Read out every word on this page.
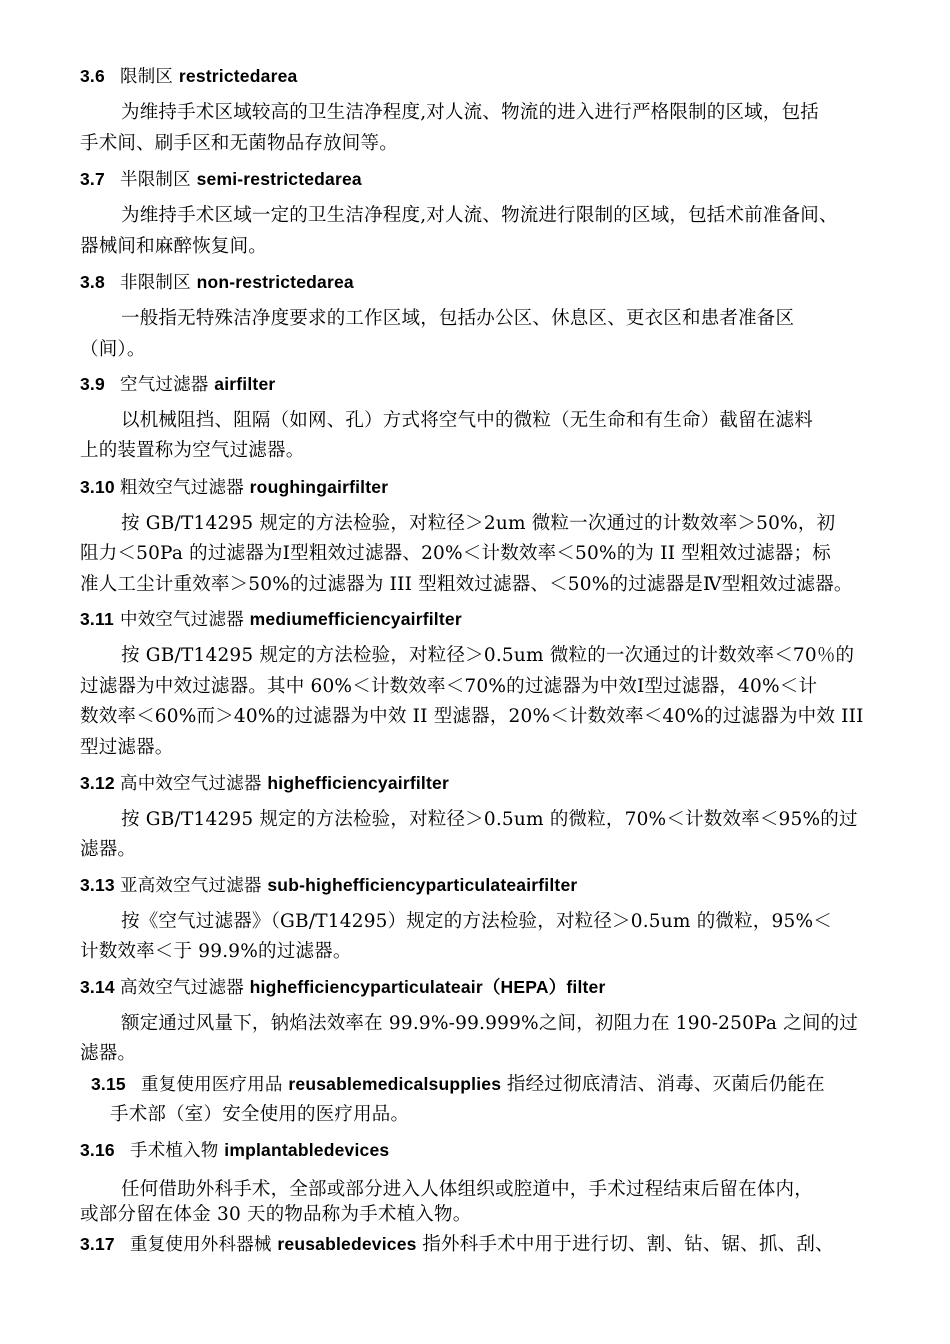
3.6 限制区 restrictedarea
为维持手术区域较高的卫生洁净程度,对人流、物流的进入进行严格限制的区域，包括
手术间、刷手区和无菌物品存放间等。
3.7 半限制区 semi-restrictedarea
为维持手术区域一定的卫生洁净程度,对人流、物流进行限制的区域，包括术前准备间、
器械间和麻醉恢复间。
3.8 非限制区 non-restrictedarea
一般指无特殊洁净度要求的工作区域，包括办公区、休息区、更衣区和患者准备区
（间）。
3.9 空气过滤器 airfilter
以机械阻挡、阻隔（如网、孔）方式将空气中的微粒（无生命和有生命）截留在滤料
上的装置称为空气过滤器。
3.10 粗效空气过滤器 roughingairfilter
按 GB/T14295 规定的方法检验，对粒径＞2um 微粒一次通过的计数效率＞50%，初
阻力＜50Pa 的过滤器为Ⅰ型粗效过滤器、20%＜计数效率＜50%的为 II 型粗效过滤器；标
准人工尘计重效率＞50%的过滤器为 III 型粗效过滤器、＜50%的过滤器是Ⅳ型粗效过滤器。
3.11 中效空气过滤器 mediumefficiencyairfilter
按 GB/T14295 规定的方法检验，对粒径＞0.5um 微粒的一次通过的计数效率＜70％的
过滤器为中效过滤器。其中 60%＜计数效率＜70%的过滤器为中效Ⅰ型过滤器，40%＜计
数效率＜60%而＞40%的过滤器为中效 II 型滤器，20%＜计数效率＜40%的过滤器为中效 III
型过滤器。
3.12 高中效空气过滤器 highefficiencyairfilter
按 GB/T14295 规定的方法检验，对粒径＞0.5um 的微粒，70%＜计数效率＜95%的过
滤器。
3.13 亚高效空气过滤器 sub-highefficiencyparticulateairfilter
按《空气过滤器》（GB/T14295）规定的方法检验，对粒径＞0.5um 的微粒，95%＜
计数效率＜于 99.9%的过滤器。
3.14 高效空气过滤器 highefficiencyparticulateair（HEPA）filter
额定通过风量下，钠焰法效率在 99.9%-99.999%之间，初阻力在 190-250Pa 之间的过
滤器。
3.15 重复使用医疗用品 reusablemedicalsupplies 指经过彻底清洁、消毒、灭菌后仍能在
手术部（室）安全使用的医疗用品。
3.16 手术植入物 implantabledevices
任何借助外科手术，全部或部分进入人体组织或腔道中，手术过程结束后留在体内，
或部分留在体金 30 天的物品称为手术植入物。
3.17 重复使用外科器械 reusabledevices 指外科手术中用于进行切、割、钻、锯、抓、刮、
